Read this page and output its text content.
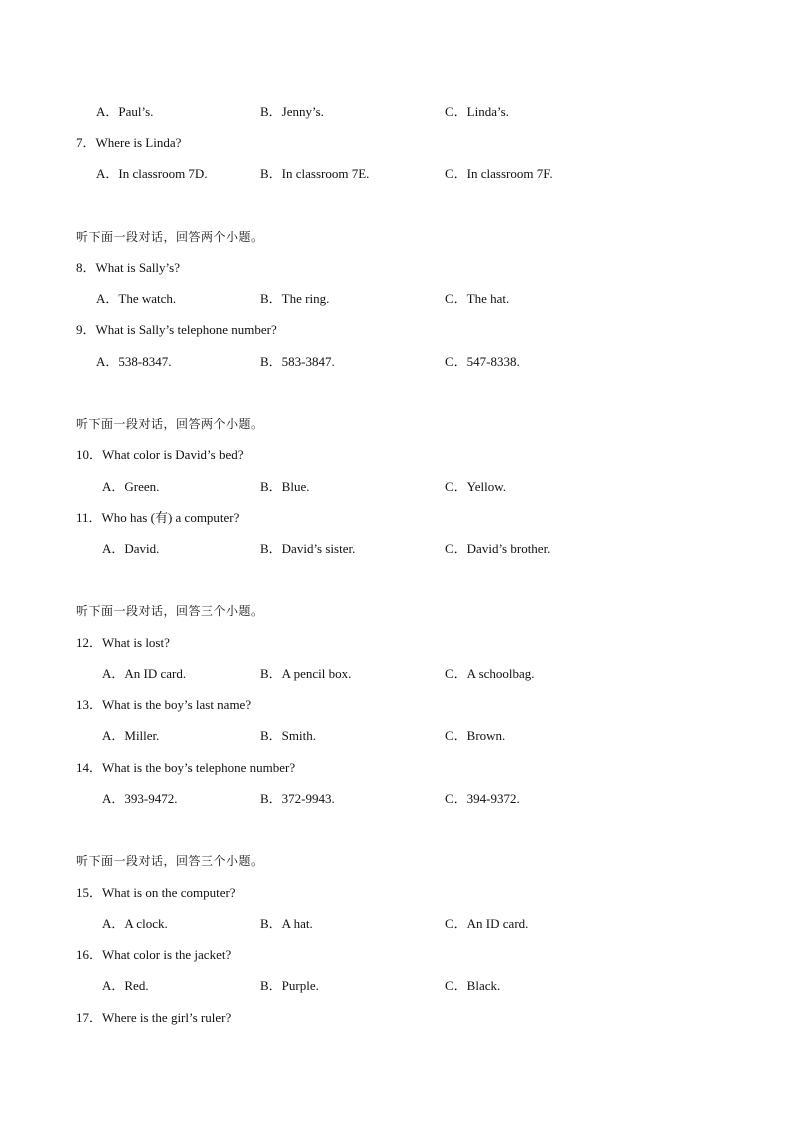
A．Paul’s.	B．Jenny’s.	C．Linda’s.
7．Where is Linda?
A．In classroom 7D.	B．In classroom 7E.	C．In classroom 7F.
听下面一段对话，回答两个小题。
8．What is Sally’s?
A．The watch.	B．The ring.	C．The hat.
9．What is Sally’s telephone number?
A．538-8347.	B．583-3847.	C．547-8338.
听下面一段对话，回答两个小题。
10．What color is David’s bed?
A．Green.	B．Blue.	C．Yellow.
11．Who has (有) a computer?
A．David.	B．David’s sister.	C．David’s brother.
听下面一段对话，回答三个小题。
12．What is lost?
A．An ID card.	B．A pencil box.	C．A schoolbag.
13．What is the boy’s last name?
A．Miller.	B．Smith.	C．Brown.
14．What is the boy’s telephone number?
A．393-9472.	B．372-9943.	C．394-9372.
听下面一段对话，回答三个小题。
15．What is on the computer?
A．A clock.	B．A hat.	C．An ID card.
16．What color is the jacket?
A．Red.	B．Purple.	C．Black.
17．Where is the girl’s ruler?
